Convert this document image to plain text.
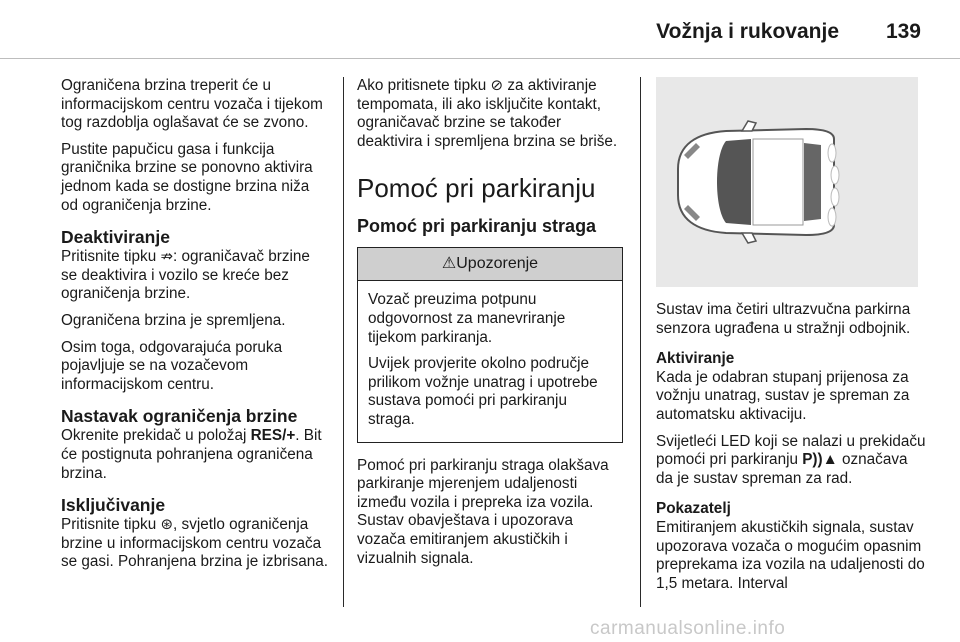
Vožnja i rukovanje 139

Ograničena brzina treperit će u informacijskom centru vozača i tijekom tog razdoblja oglašavat će se zvono.

Pustite papučicu gasa i funkcija graničnika brzine se ponovno aktivira jednom kada se dostigne brzina niža od ograničenja brzine.

Deaktiviranje

Pritisnite tipku ⇏: ograničavač brzine se deaktivira i vozilo se kreće bez ograničenja brzine.

Ograničena brzina je spremljena.

Osim toga, odgovarajuća poruka pojavljuje se na vozačevom informacijskom centru.

Nastavak ograničenja brzine

Okrenite prekidač u položaj RES/+. Bit će postignuta pohranjena ograničena brzina.

Isključivanje

Pritisnite tipku ⊛, svjetlo ograničenja brzine u informacijskom centru vozača se gasi. Pohranjena brzina je izbrisana.

Ako pritisnete tipku ⊘ za aktiviranje tempomata, ili ako isključite kontakt, ograničavač brzine se također deaktivira i spremljena brzina se briše.

Pomoć pri parkiranju
Pomoć pri parkiranju straga
⚠Upozorenje

Vozač preuzima potpunu odgovornost za manevriranje tijekom parkiranja.

Uvijek provjerite okolno područje prilikom vožnje unatrag i upotrebe sustava pomoći pri parkiranju straga.

Pomoć pri parkiranju straga olakšava parkiranje mjerenjem udaljenosti između vozila i prepreka iza vozila. Sustav obavještava i upozorava vozača emitiranjem akustičkih i vizualnih signala.

Sustav ima četiri ultrazvučna parkirna senzora ugrađena u stražnji odbojnik.

Aktiviranje

Kada je odabran stupanj prijenosa za vožnju unatrag, sustav je spreman za automatsku aktivaciju.

Svijetleći LED koji se nalazi u prekidaču pomoći pri parkiranju P))▲ označava da je sustav spreman za rad.

Pokazatelj

Emitiranjem akustičkih signala, sustav upozorava vozača o mogućim opasnim preprekama iza vozila na udaljenosti do 1,5 metara. Interval

carmanualsonline.info
